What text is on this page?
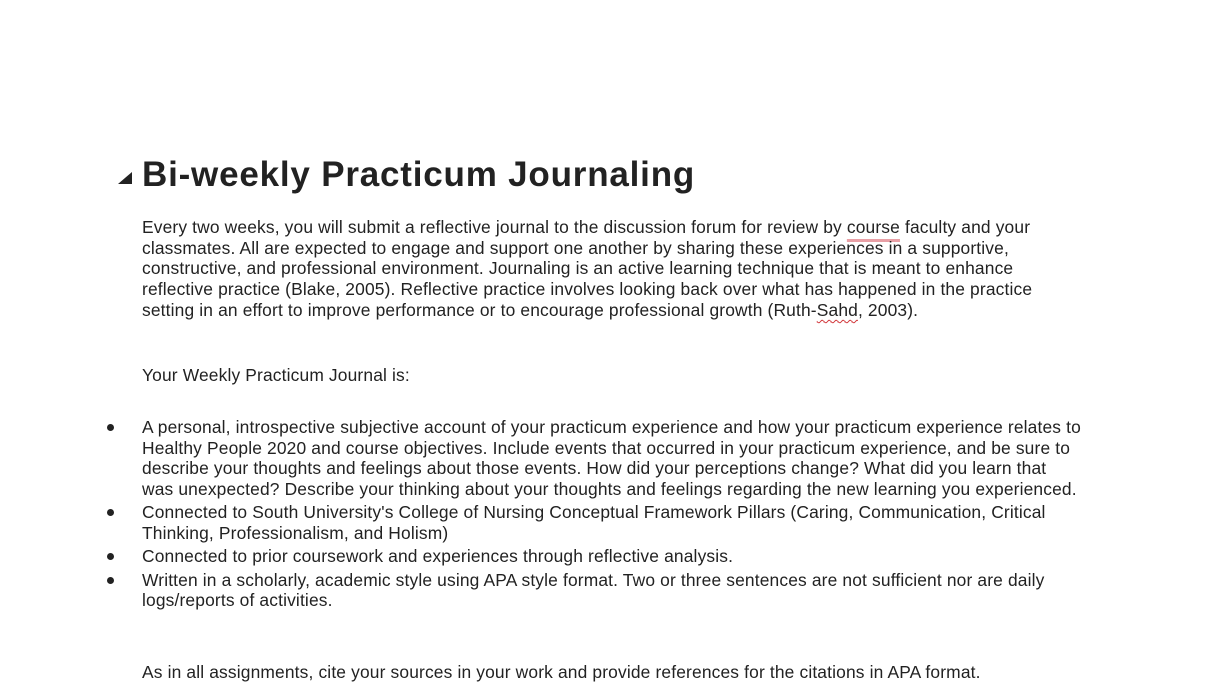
Bi-weekly Practicum Journaling

Every two weeks, you will submit a reflective journal to the discussion forum for review by course faculty and your classmates. All are expected to engage and support one another by sharing these experiences in a supportive, constructive, and professional environment. Journaling is an active learning technique that is meant to enhance reflective practice (Blake, 2005). Reflective practice involves looking back over what has happened in the practice setting in an effort to improve performance or to encourage professional growth (Ruth-Sahd, 2003).

Your Weekly Practicum Journal is:

A personal, introspective subjective account of your practicum experience and how your practicum experience relates to Healthy People 2020 and course objectives. Include events that occurred in your practicum experience, and be sure to describe your thoughts and feelings about those events. How did your perceptions change? What did you learn that was unexpected? Describe your thinking about your thoughts and feelings regarding the new learning you experienced.
Connected to South University's College of Nursing Conceptual Framework Pillars (Caring, Communication, Critical Thinking, Professionalism, and Holism)
Connected to prior coursework and experiences through reflective analysis.
Written in a scholarly, academic style using APA style format. Two or three sentences are not sufficient nor are daily logs/reports of activities.

As in all assignments, cite your sources in your work and provide references for the citations in APA format.
